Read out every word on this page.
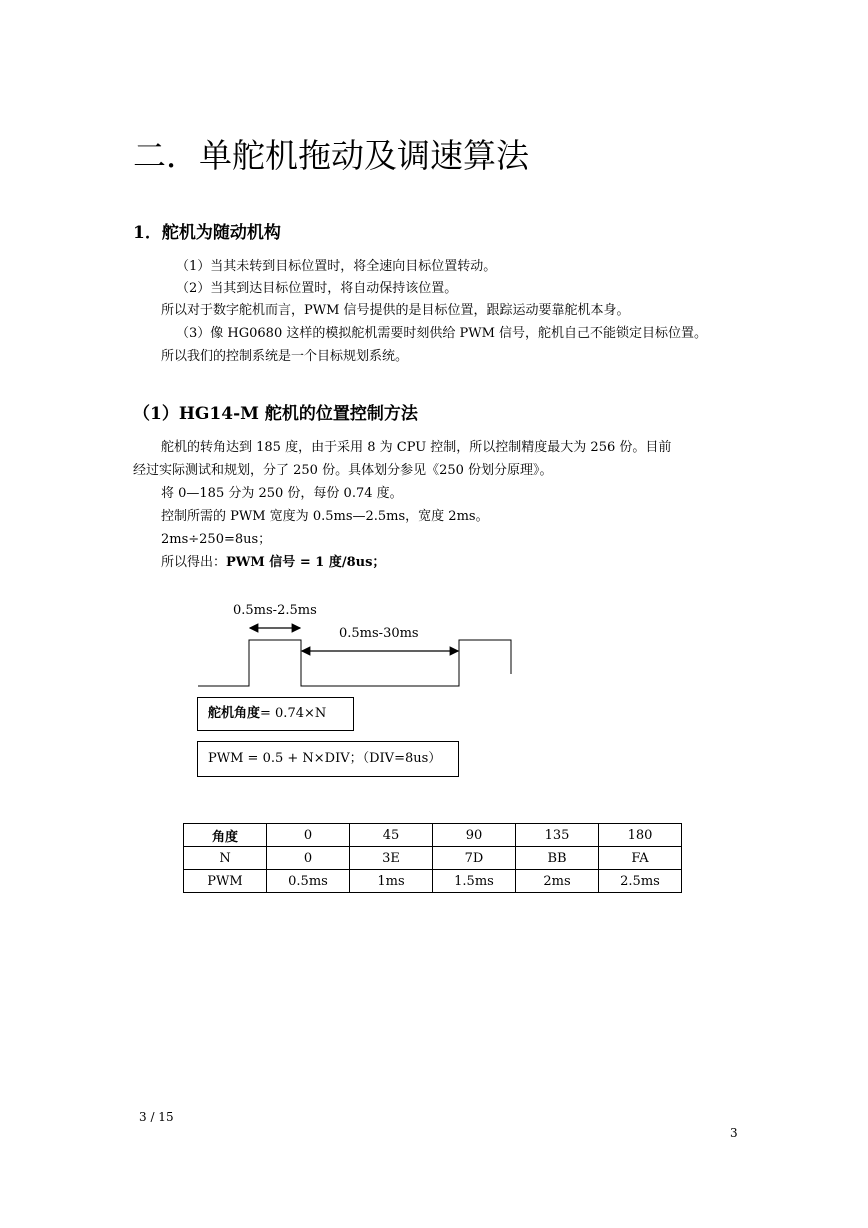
二．单舵机拖动及调速算法
1．舵机为随动机构
（1）当其未转到目标位置时，将全速向目标位置转动。
（2）当其到达目标位置时，将自动保持该位置。
所以对于数字舵机而言，PWM 信号提供的是目标位置，跟踪运动要靠舵机本身。
（3）像 HG0680 这样的模拟舵机需要时刻供给 PWM 信号，舵机自己不能锁定目标位置。
所以我们的控制系统是一个目标规划系统。
（1）HG14-M 舵机的位置控制方法
舵机的转角达到 185 度，由于采用 8 为 CPU 控制，所以控制精度最大为 256 份。目前
经过实际测试和规划，分了 250 份。具体划分参见《250 份划分原理》。
将 0—185 分为 250 份，每份 0.74 度。
控制所需的 PWM 宽度为 0.5ms—2.5ms，宽度 2ms。
2ms÷250=8us；
所以得出：PWM 信号 = 1 度/8us；
0.5ms-2.5ms
0.5ms-30ms
舵机角度 = 0.74×N
PWM = 0.5 + N×DIV；（DIV=8us）
角度	0	45	90	135	180
N	0	3E	7D	BB	FA
PWM	0.5ms	1ms	1.5ms	2ms	2.5ms
3 / 15
3
